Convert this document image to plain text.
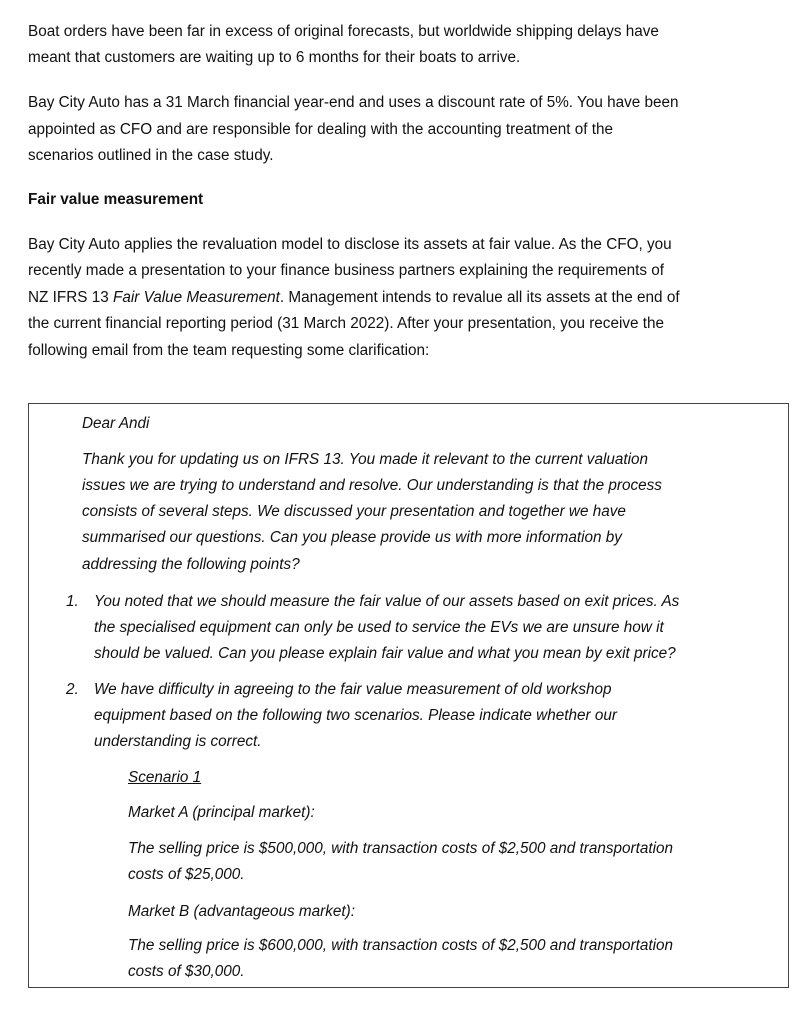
Boat orders have been far in excess of original forecasts, but worldwide shipping delays have
meant that customers are waiting up to 6 months for their boats to arrive.
Bay City Auto has a 31 March financial year-end and uses a discount rate of 5%. You have been
appointed as CFO and are responsible for dealing with the accounting treatment of the
scenarios outlined in the case study.
Fair value measurement
Bay City Auto applies the revaluation model to disclose its assets at fair value. As the CFO, you
recently made a presentation to your finance business partners explaining the requirements of
NZ IFRS 13 Fair Value Measurement. Management intends to revalue all its assets at the end of
the current financial reporting period (31 March 2022). After your presentation, you receive the
following email from the team requesting some clarification:
Dear Andi
Thank you for updating us on IFRS 13. You made it relevant to the current valuation
issues we are trying to understand and resolve. Our understanding is that the process
consists of several steps. We discussed your presentation and together we have
summarised our questions. Can you please provide us with more information by
addressing the following points?
1. You noted that we should measure the fair value of our assets based on exit prices. As
the specialised equipment can only be used to service the EVs we are unsure how it
should be valued. Can you please explain fair value and what you mean by exit price?
2. We have difficulty in agreeing to the fair value measurement of old workshop
equipment based on the following two scenarios. Please indicate whether our
understanding is correct.
Scenario 1
Market A (principal market):
The selling price is $500,000, with transaction costs of $2,500 and transportation
costs of $25,000.
Market B (advantageous market):
The selling price is $600,000, with transaction costs of $2,500 and transportation
costs of $30,000.
